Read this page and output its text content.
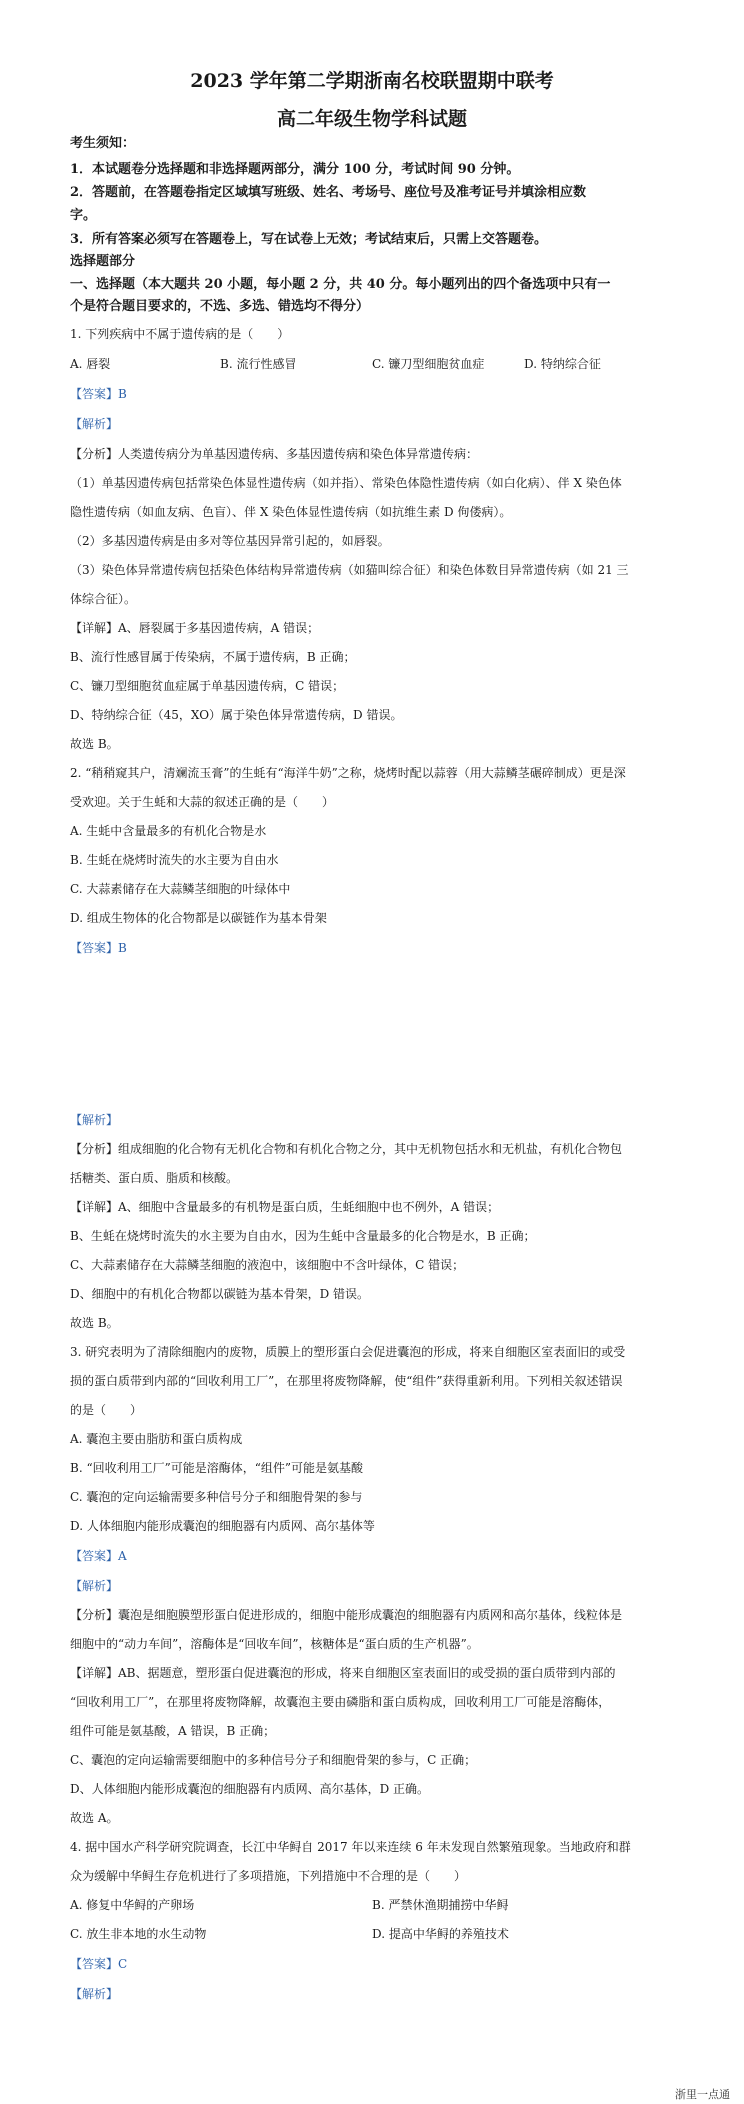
2023 学年第二学期浙南名校联盟期中联考
高二年级生物学科试题
考生须知：
1．本试题卷分选择题和非选择题两部分，满分 100 分，考试时间 90 分钟。
2．答题前，在答题卷指定区域填写班级、姓名、考场号、座位号及准考证号并填涂相应数
字。
3．所有答案必须写在答题卷上，写在试卷上无效；考试结束后，只需上交答题卷。
选择题部分
一、选择题（本大题共 20 小题，每小题 2 分，共 40 分。每小题列出的四个备选项中只有一
个是符合题目要求的，不选、多选、错选均不得分）
1. 下列疾病中不属于遗传病的是（　　）
A. 唇裂	B. 流行性感冒	C. 镰刀型细胞贫血症	D. 特纳综合征
【答案】B
【解析】
【分析】人类遗传病分为单基因遗传病、多基因遗传病和染色体异常遗传病：
（1）单基因遗传病包括常染色体显性遗传病（如并指）、常染色体隐性遗传病（如白化病）、伴 X 染色体
隐性遗传病（如血友病、色盲）、伴 X 染色体显性遗传病（如抗维生素 D 佝偻病）。
（2）多基因遗传病是由多对等位基因异常引起的，如唇裂。
（3）染色体异常遗传病包括染色体结构异常遗传病（如猫叫综合征）和染色体数目异常遗传病（如 21 三
体综合征）。
【详解】A、唇裂属于多基因遗传病，A 错误；
B、流行性感冒属于传染病，不属于遗传病，B 正确；
C、镰刀型细胞贫血症属于单基因遗传病，C 错误；
D、特纳综合征（45，XO）属于染色体异常遗传病，D 错误。
故选 B。
2. “稍稍窥其户，清斓流玉膏”的生蚝有“海洋牛奶”之称，烧烤时配以蒜蓉（用大蒜鳞茎碾碎制成）更是深
受欢迎。关于生蚝和大蒜的叙述正确的是（　　）
A. 生蚝中含量最多的有机化合物是水
B. 生蚝在烧烤时流失的水主要为自由水
C. 大蒜素储存在大蒜鳞茎细胞的叶绿体中
D. 组成生物体的化合物都是以碳链作为基本骨架
【答案】B
【解析】
【分析】组成细胞的化合物有无机化合物和有机化合物之分，其中无机物包括水和无机盐，有机化合物包
括糖类、蛋白质、脂质和核酸。
【详解】A、细胞中含量最多的有机物是蛋白质，生蚝细胞中也不例外，A 错误；
B、生蚝在烧烤时流失的水主要为自由水，因为生蚝中含量最多的化合物是水，B 正确；
C、大蒜素储存在大蒜鳞茎细胞的液泡中，该细胞中不含叶绿体，C 错误；
D、细胞中的有机化合物都以碳链为基本骨架，D 错误。
故选 B。
3. 研究表明为了清除细胞内的废物，质膜上的塑形蛋白会促进囊泡的形成，将来自细胞区室表面旧的或受
损的蛋白质带到内部的“回收利用工厂”，在那里将废物降解，使“组件”获得重新利用。下列相关叙述错误
的是（　　）
A. 囊泡主要由脂肪和蛋白质构成
B. “回收利用工厂”可能是溶酶体，“组件”可能是氨基酸
C. 囊泡的定向运输需要多种信号分子和细胞骨架的参与
D. 人体细胞内能形成囊泡的细胞器有内质网、高尔基体等
【答案】A
【解析】
【分析】囊泡是细胞膜塑形蛋白促进形成的，细胞中能形成囊泡的细胞器有内质网和高尔基体，线粒体是
细胞中的“动力车间”，溶酶体是“回收车间”，核糖体是“蛋白质的生产机器”。
【详解】AB、据题意，塑形蛋白促进囊泡的形成，将来自细胞区室表面旧的或受损的蛋白质带到内部的
“回收利用工厂”，在那里将废物降解，故囊泡主要由磷脂和蛋白质构成，回收利用工厂可能是溶酶体，
组件可能是氨基酸，A 错误，B 正确；
C、囊泡的定向运输需要细胞中的多种信号分子和细胞骨架的参与，C 正确；
D、人体细胞内能形成囊泡的细胞器有内质网、高尔基体，D 正确。
故选 A。
4. 据中国水产科学研究院调查，长江中华鲟自 2017 年以来连续 6 年未发现自然繁殖现象。当地政府和群
众为缓解中华鲟生存危机进行了多项措施，下列措施中不合理的是（　　）
A. 修复中华鲟的产卵场	B. 严禁休渔期捕捞中华鲟
C. 放生非本地的水生动物	D. 提高中华鲟的养殖技术
【答案】C
【解析】
浙里一点通
